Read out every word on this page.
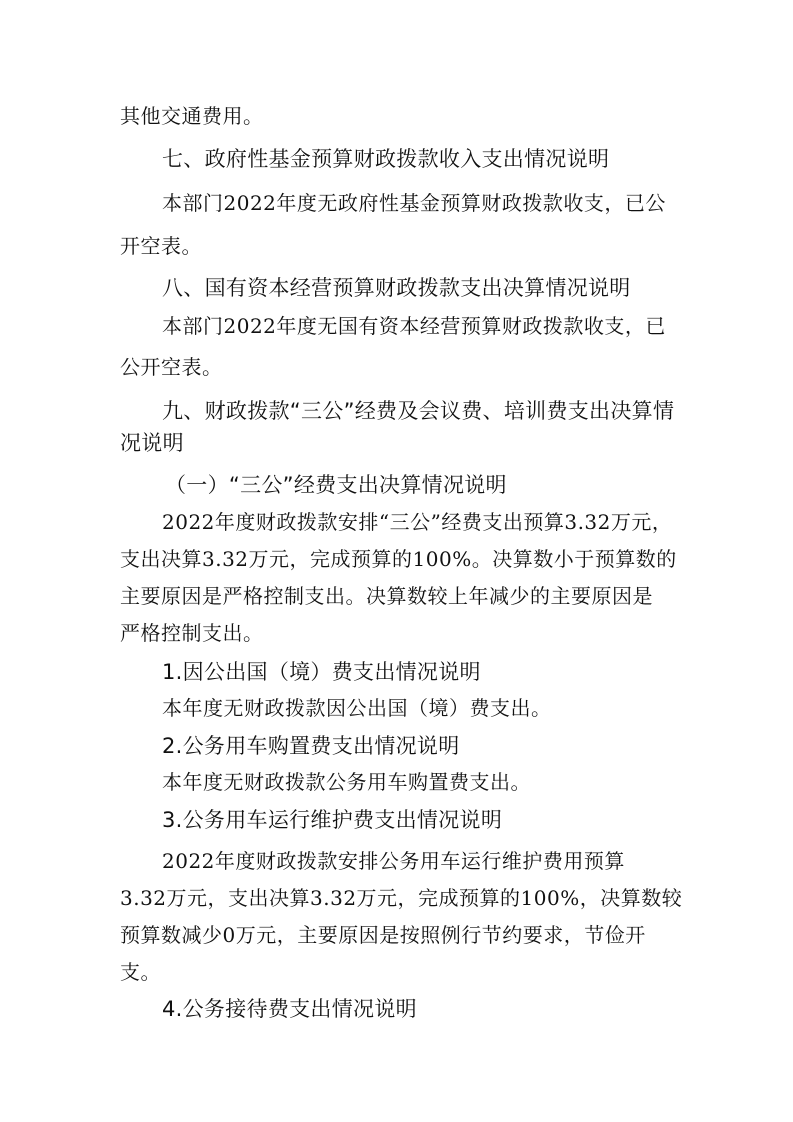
其他交通费用。
七、政府性基金预算财政拨款收入支出情况说明
本部门2022年度无政府性基金预算财政拨款收支，已公
开空表。
八、国有资本经营预算财政拨款支出决算情况说明
本部门2022年度无国有资本经营预算财政拨款收支，已
公开空表。
九、财政拨款“三公”经费及会议费、培训费支出决算情
况说明
（一）“三公”经费支出决算情况说明
2022年度财政拨款安排“三公”经费支出预算3.32万元，
支出决算3.32万元，完成预算的100%。决算数小于预算数的
主要原因是严格控制支出。决算数较上年减少的主要原因是
严格控制支出。
1.因公出国（境）费支出情况说明
本年度无财政拨款因公出国（境）费支出。
2.公务用车购置费支出情况说明
本年度无财政拨款公务用车购置费支出。
3.公务用车运行维护费支出情况说明
2022年度财政拨款安排公务用车运行维护费用预算
3.32万元，支出决算3.32万元，完成预算的100%，决算数较
预算数减少0万元，主要原因是按照例行节约要求，节俭开
支。
4.公务接待费支出情况说明
